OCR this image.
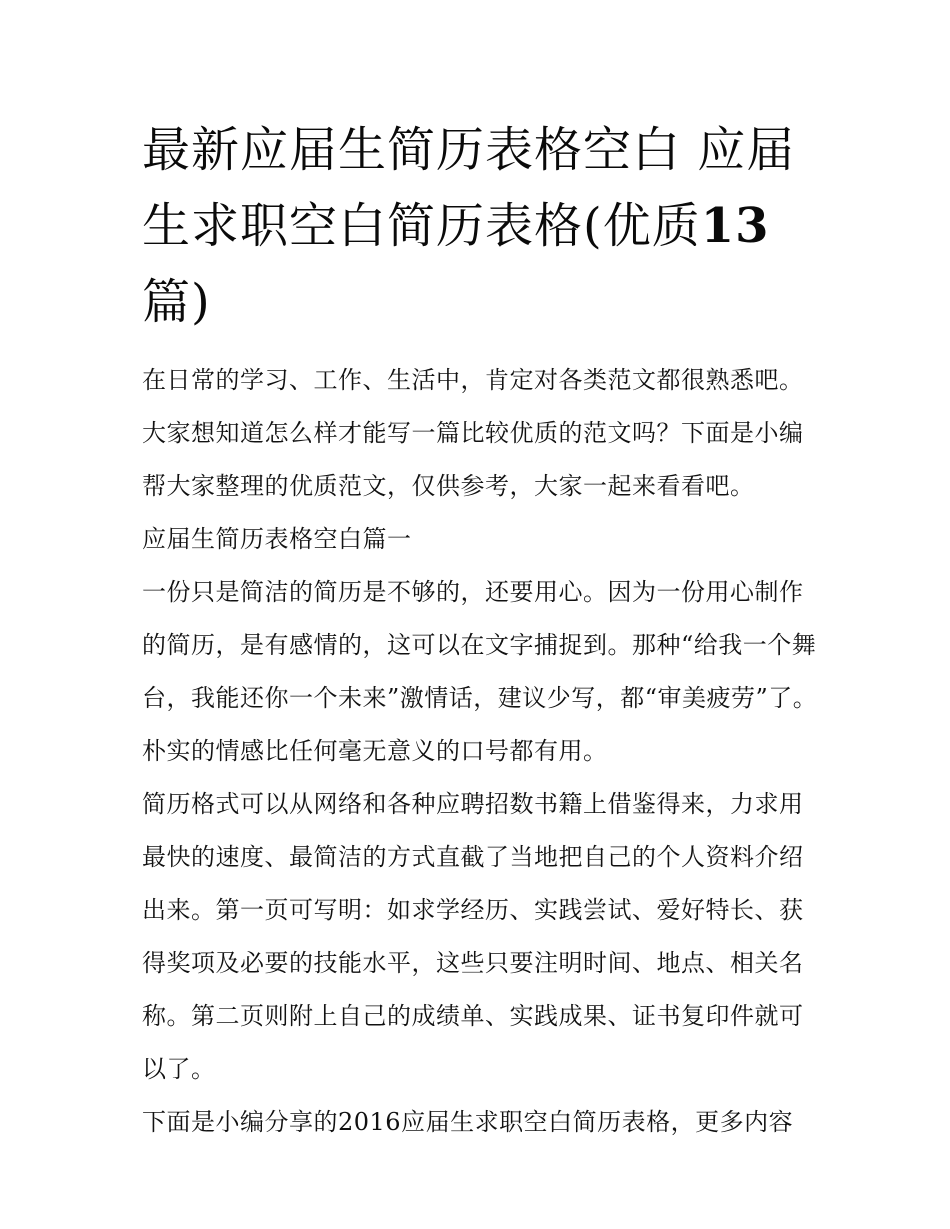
最新应届生简历表格空白 应届生求职空白简历表格(优质13篇)

在日常的学习、工作、生活中，肯定对各类范文都很熟悉吧。大家想知道怎么样才能写一篇比较优质的范文吗？下面是小编帮大家整理的优质范文，仅供参考，大家一起来看看吧。

应届生简历表格空白篇一

一份只是简洁的简历是不够的，还要用心。因为一份用心制作的简历，是有感情的，这可以在文字捕捉到。那种“给我一个舞台，我能还你一个未来”激情话，建议少写，都“审美疲劳”了。朴实的情感比任何毫无意义的口号都有用。

简历格式可以从网络和各种应聘招数书籍上借鉴得来，力求用最快的速度、最简洁的方式直截了当地把自己的个人资料介绍出来。第一页可写明：如求学经历、实践尝试、爱好特长、获得奖项及必要的技能水平，这些只要注明时间、地点、相关名称。第二页则附上自己的成绩单、实践成果、证书复印件就可以了。

下面是小编分享的2016应届生求职空白简历表格，更多内容
